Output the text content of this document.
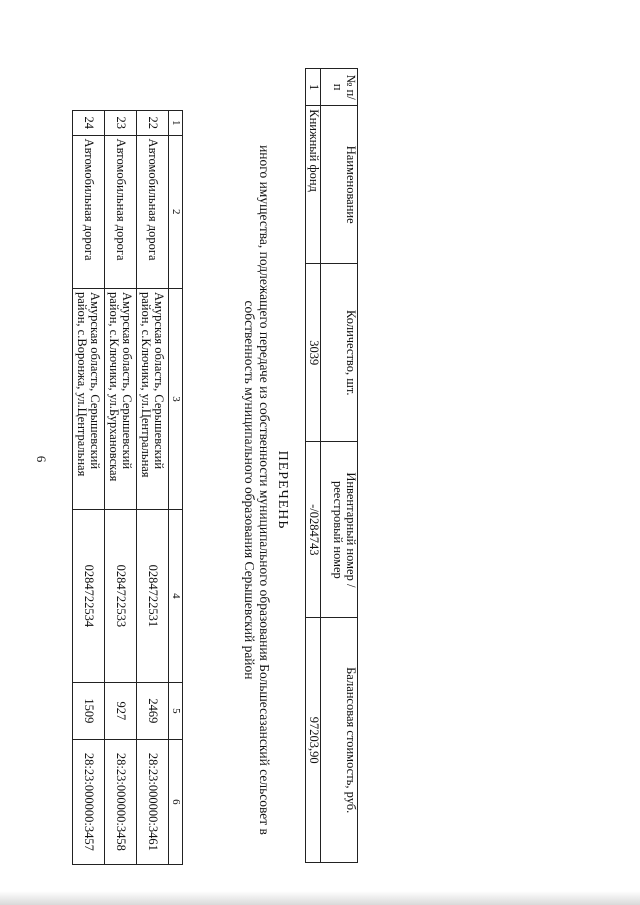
6
1	2	3	4	5	6
22	Автомобильная дорога	Амурская область, Серышевский район, с.Ключики, ул.Центральная	0284722531	2469	28:23:000000:3461
23	Автомобильная дорога	Амурская область, Серышевский район, с.Ключики, ул.Бурхановская	0284722533	927	28:23:000000:3458
24	Автомобильная дорога	Амурская область, Серышевский район, с.Воронжа, ул.Центральная	0284722534	1509	28:23:000000:3457
ПЕРЕЧЕНЬ
иного имущества, подлежащего передаче из собственности муниципального образования Большесазанский сельсовет в
собственность муниципального образования Серышевский район
№ п/п	Наименование	Количество, шт.	Инвентарный номер / реестровый номер	Балансовая стоимость, руб.
1	Книжный фонд	3039	-/0284743	97203,90
